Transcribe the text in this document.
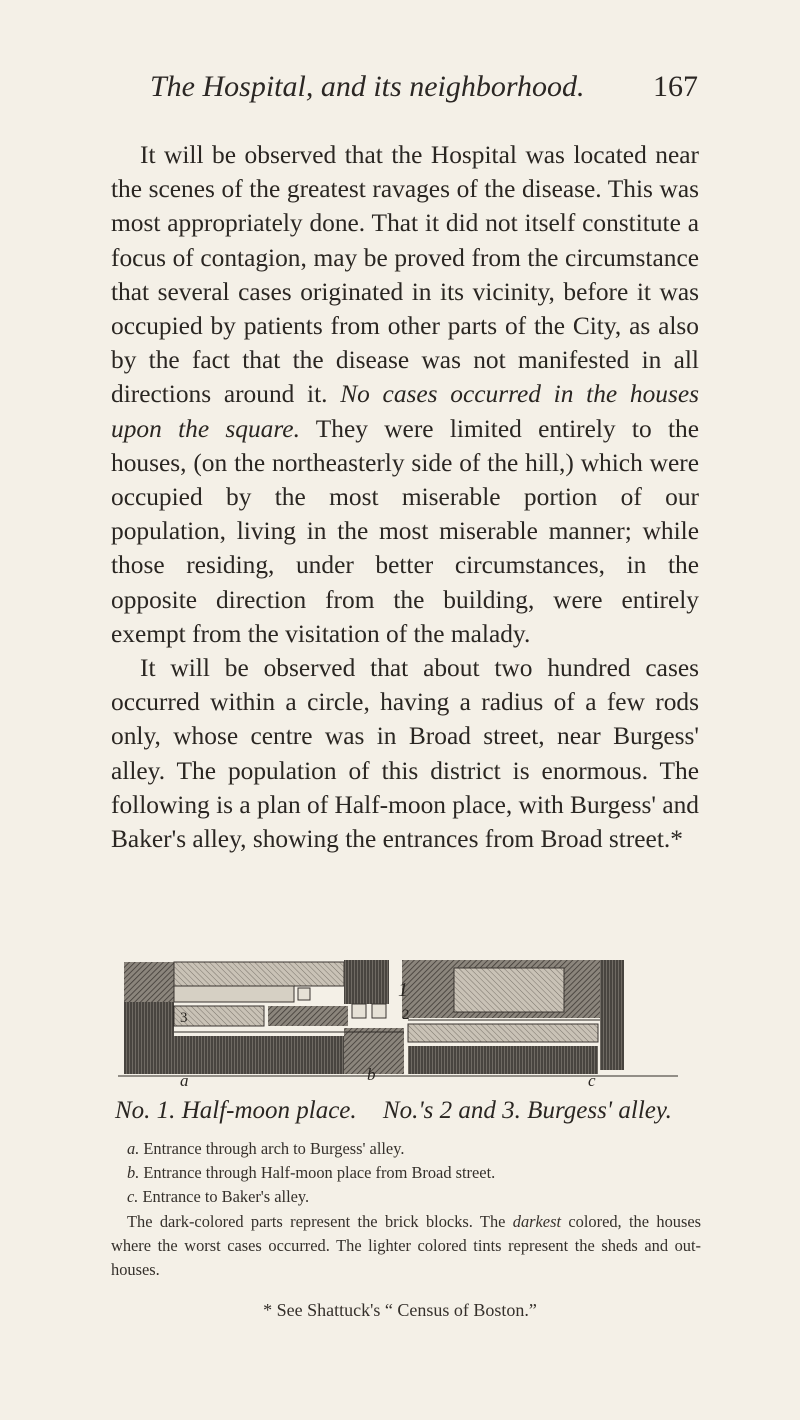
The Hospital, and its neighborhood. 167

It will be observed that the Hospital was located near the scenes of the greatest ravages of the disease. This was most appropriately done. That it did not itself constitute a focus of contagion, may be proved from the circumstance that several cases originated in its vicinity, before it was occupied by patients from other parts of the City, as also by the fact that the disease was not manifested in all directions around it. No cases occurred in the houses upon the square. They were limited entirely to the houses, (on the northeasterly side of the hill,) which were occupied by the most miserable portion of our population, living in the most miserable manner; while those residing, under better circumstances, in the opposite direction from the building, were entirely exempt from the visitation of the malady.

It will be observed that about two hundred cases occurred within a circle, having a radius of a few rods only, whose centre was in Broad street, near Burgess' alley. The population of this district is enormous. The following is a plan of Half-moon place, with Burgess' and Baker's alley, showing the entrances from Broad street.*

1
2
3
a	b	c
No. 1. Half-moon place. No.'s 2 and 3. Burgess' alley.
a. Entrance through arch to Burgess' alley.
b. Entrance through Half-moon place from Broad street.
c. Entrance to Baker's alley.
The dark-colored parts represent the brick blocks. The darkest colored, the houses where the worst cases occurred. The lighter colored tints represent the sheds and out-houses.
* See Shattuck's “ Census of Boston.”
